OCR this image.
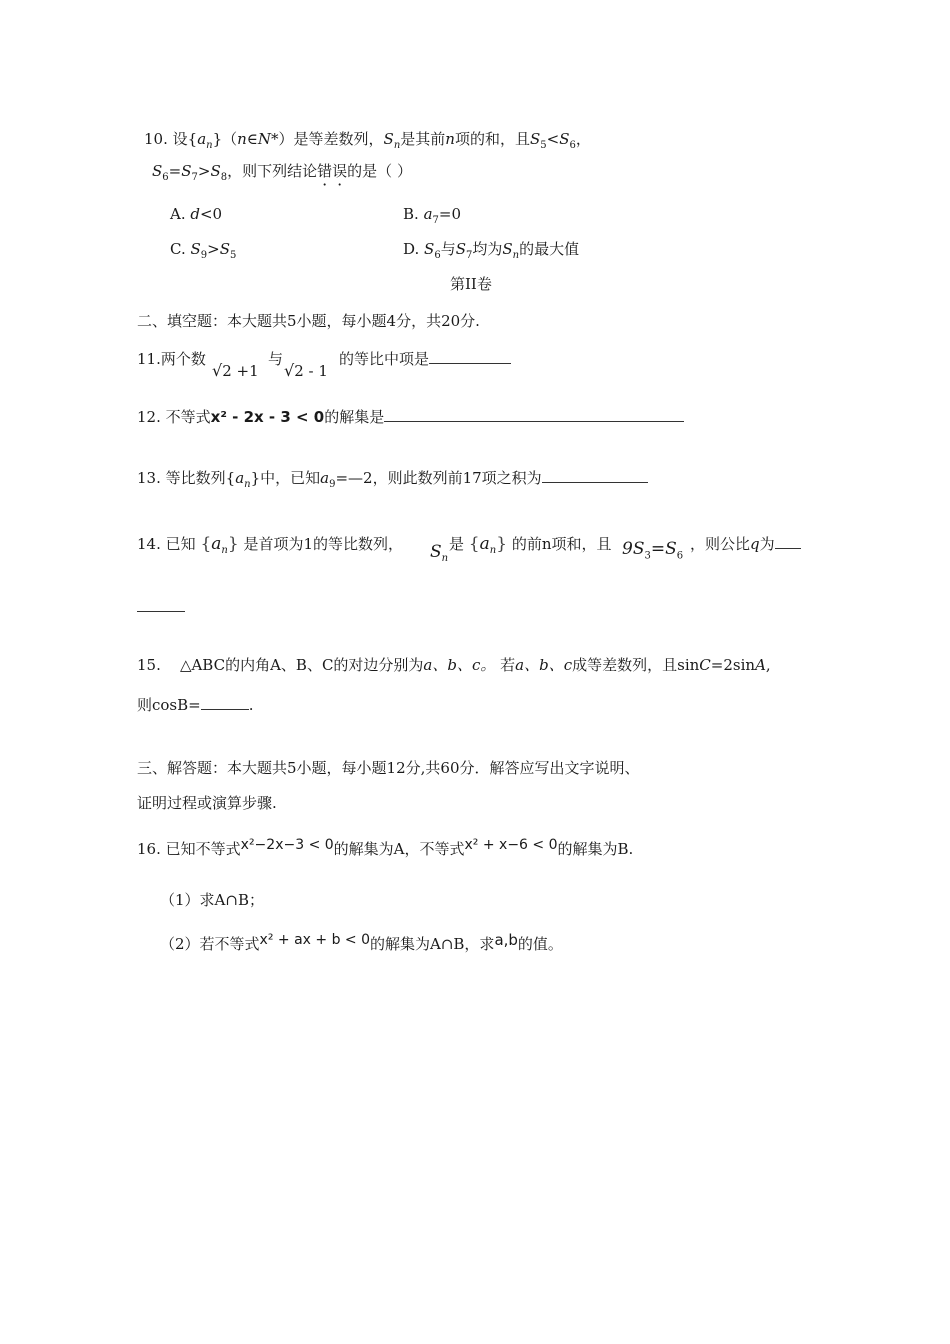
10. 设$\{a_n\}(n\in N*)$是等差数列，$S_n$是其前n项的和，且$S_5<S_6$，
$S_6=S_7>S_8$，则下列结论错误的是（ ）
A. d<0	B. $a_7=0$
C. $S_9>S_5$	D. $S_6$与$S_7$均为$S_n$的最大值
第II卷
二、填空题：本大题共5小题，每小题4分，共20分.
11.两个数
√2 +1
与
√2 - 1
的等比中项是
12. 不等式x² - 2x - 3 < 0的解集是
13. 等比数列$\{a_n\}$中，已知$a_9=—2$，则此数列前17项之积为
14. 已知 $\{a_n\}$ 是首项为1的等比数列， $S_n$
是 $\{a_n\}$ 的前n项和，且 $9S_3=S_6$
，则公比q为
15. △ABC的内角A、B、C的对边分别为a、b、c。 若a、b、c成等差数列，且sinC=2sinA,
则cosB=	.
三、解答题：本大题共5小题，每小题12分,共60分．解答应写出文字说明、
证明过程或演算步骤.
16. 已知不等式x²−2x−3 < 0的解集为A，不等式x² + x−6 < 0的解集为B.
（1）求A∩B；
（2）若不等式x² + ax + b < 0的解集为A∩B，求a,b的值。
